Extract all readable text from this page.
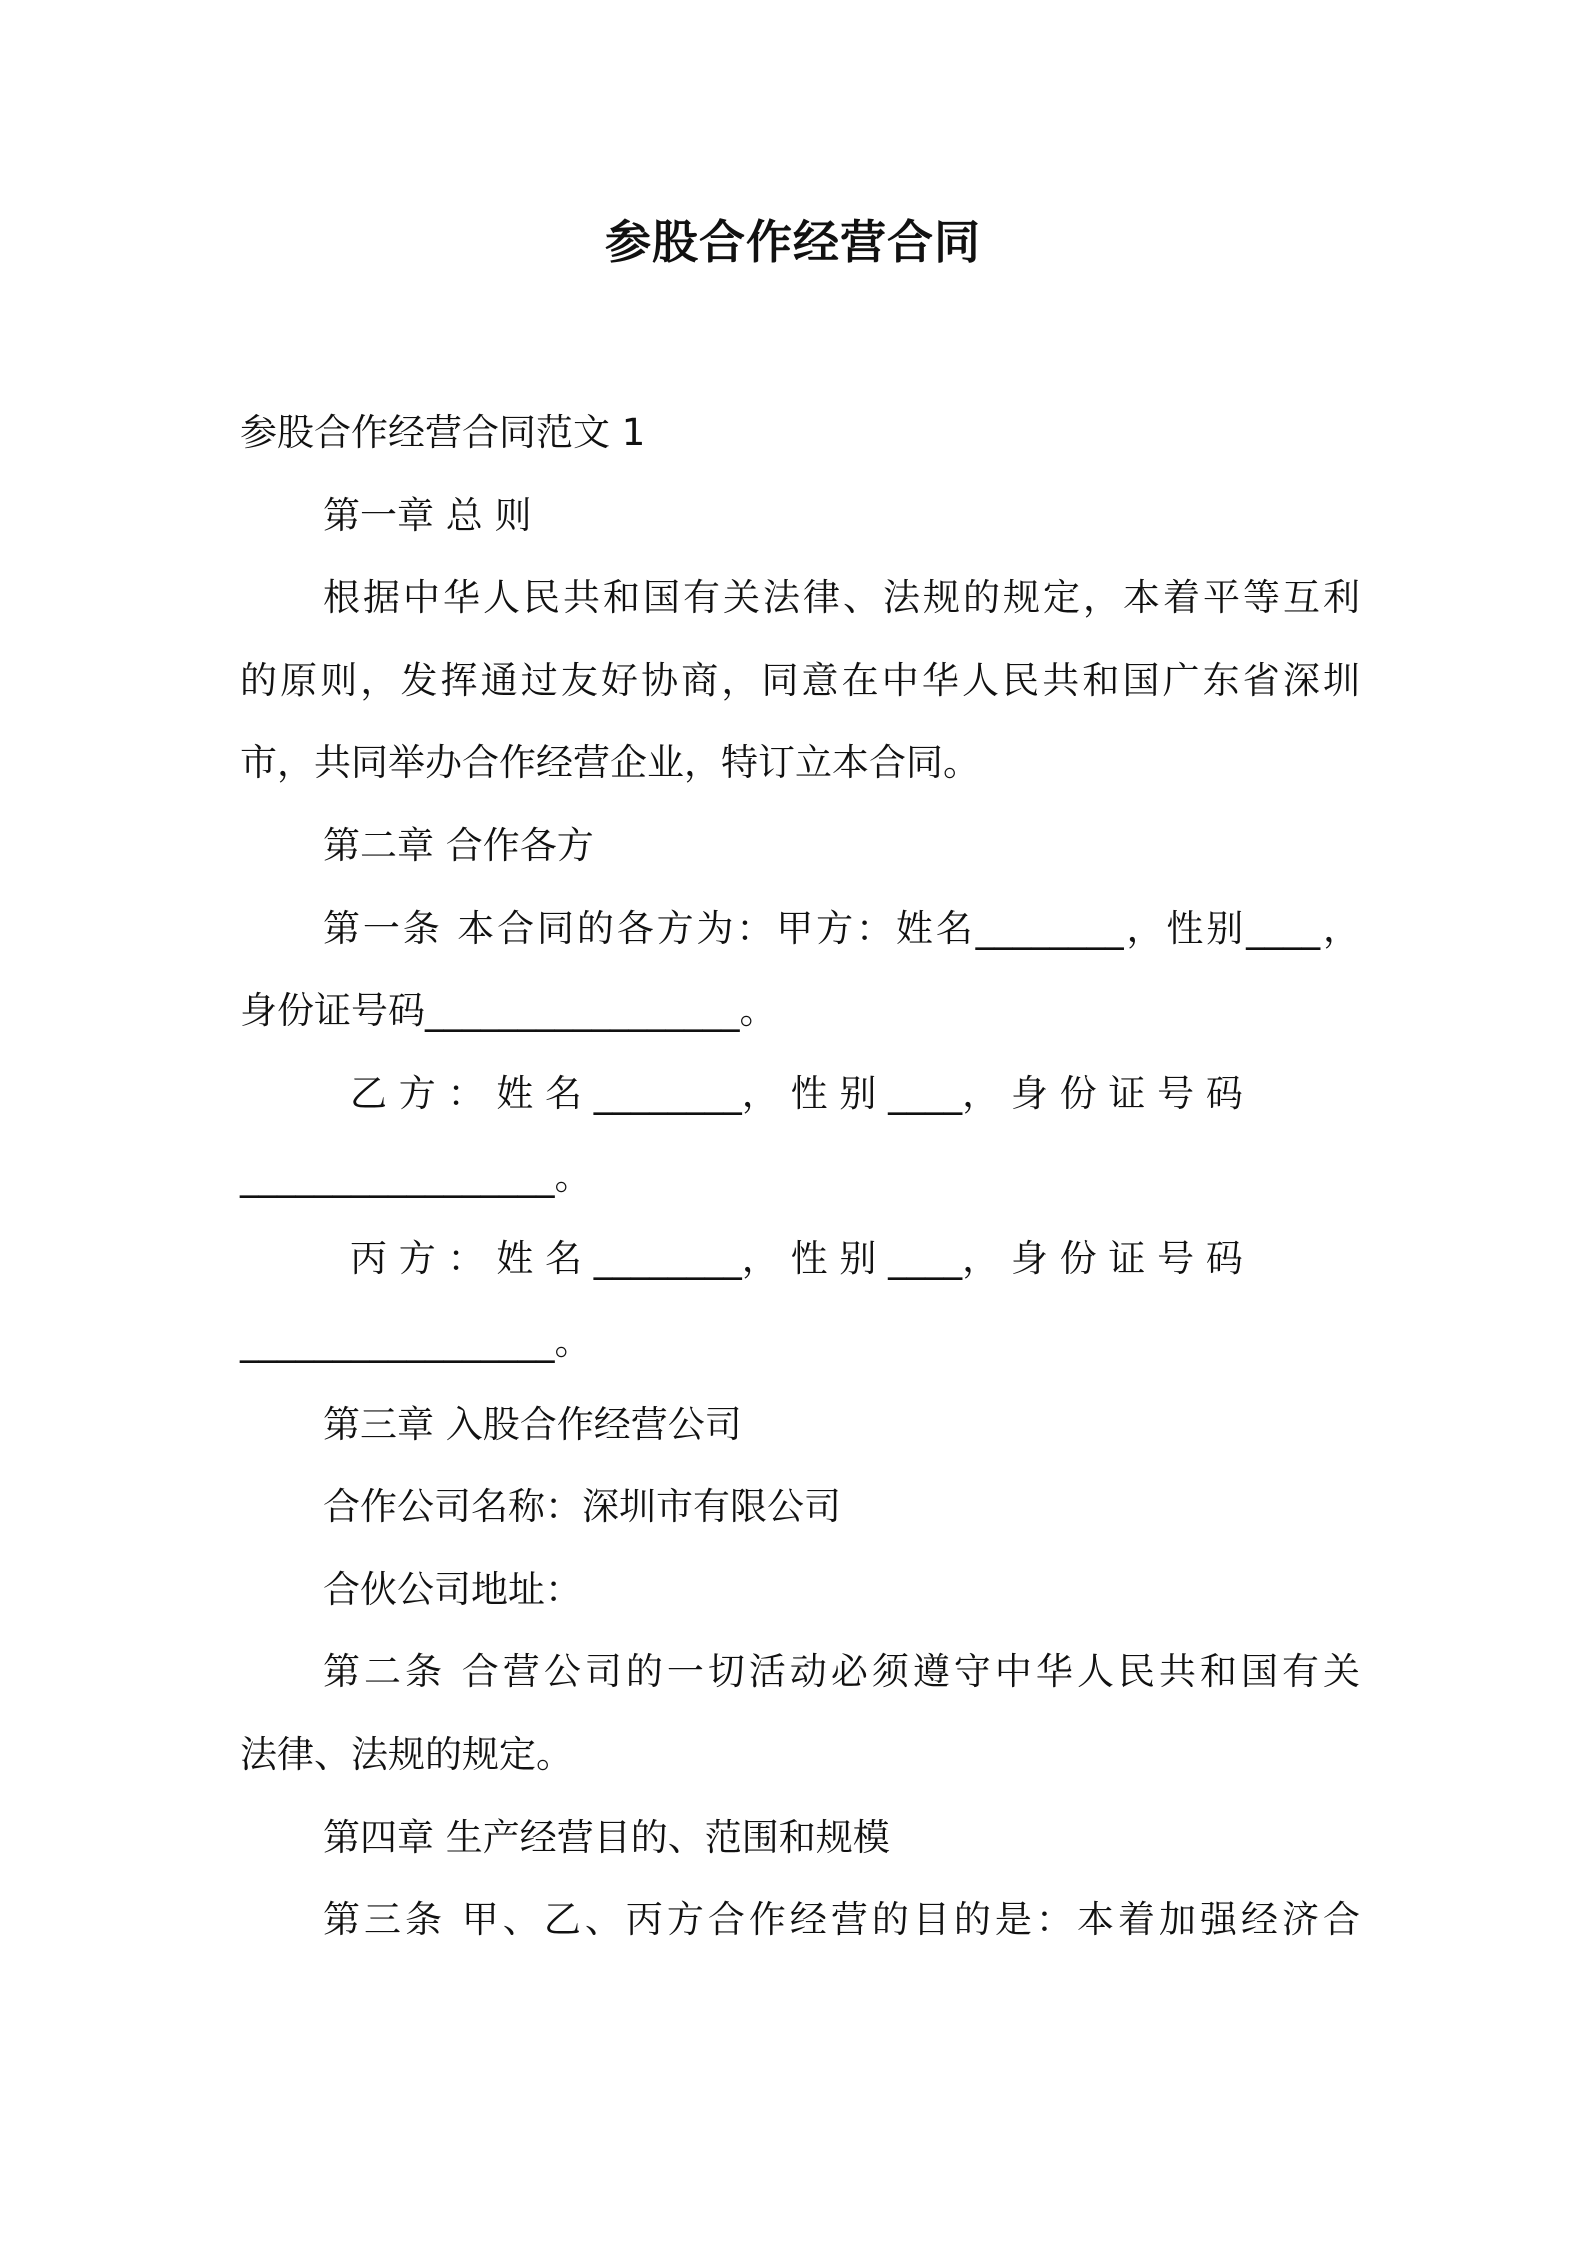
参股合作经营合同
参股合作经营合同范文 1
第一章 总 则
根据中华人民共和国有关法律、法规的规定，本着平等互利
的原则，发挥通过友好协商，同意在中华人民共和国广东省深圳
市，共同举办合作经营企业，特订立本合同。
第二章 合作各方
第一条 本合同的各方为：甲方：姓名________，性别____，
身份证号码_________________。
乙 方 ： 姓 名 ________， 性 别 ____， 身 份 证 号 码
_________________。
丙 方 ： 姓 名 ________， 性 别 ____， 身 份 证 号 码
_________________。
第三章 入股合作经营公司
合作公司名称：深圳市有限公司
合伙公司地址：
第二条 合营公司的一切活动必须遵守中华人民共和国有关
法律、法规的规定。
第四章 生产经营目的、范围和规模
第三条 甲、乙、丙方合作经营的目的是：本着加强经济合
